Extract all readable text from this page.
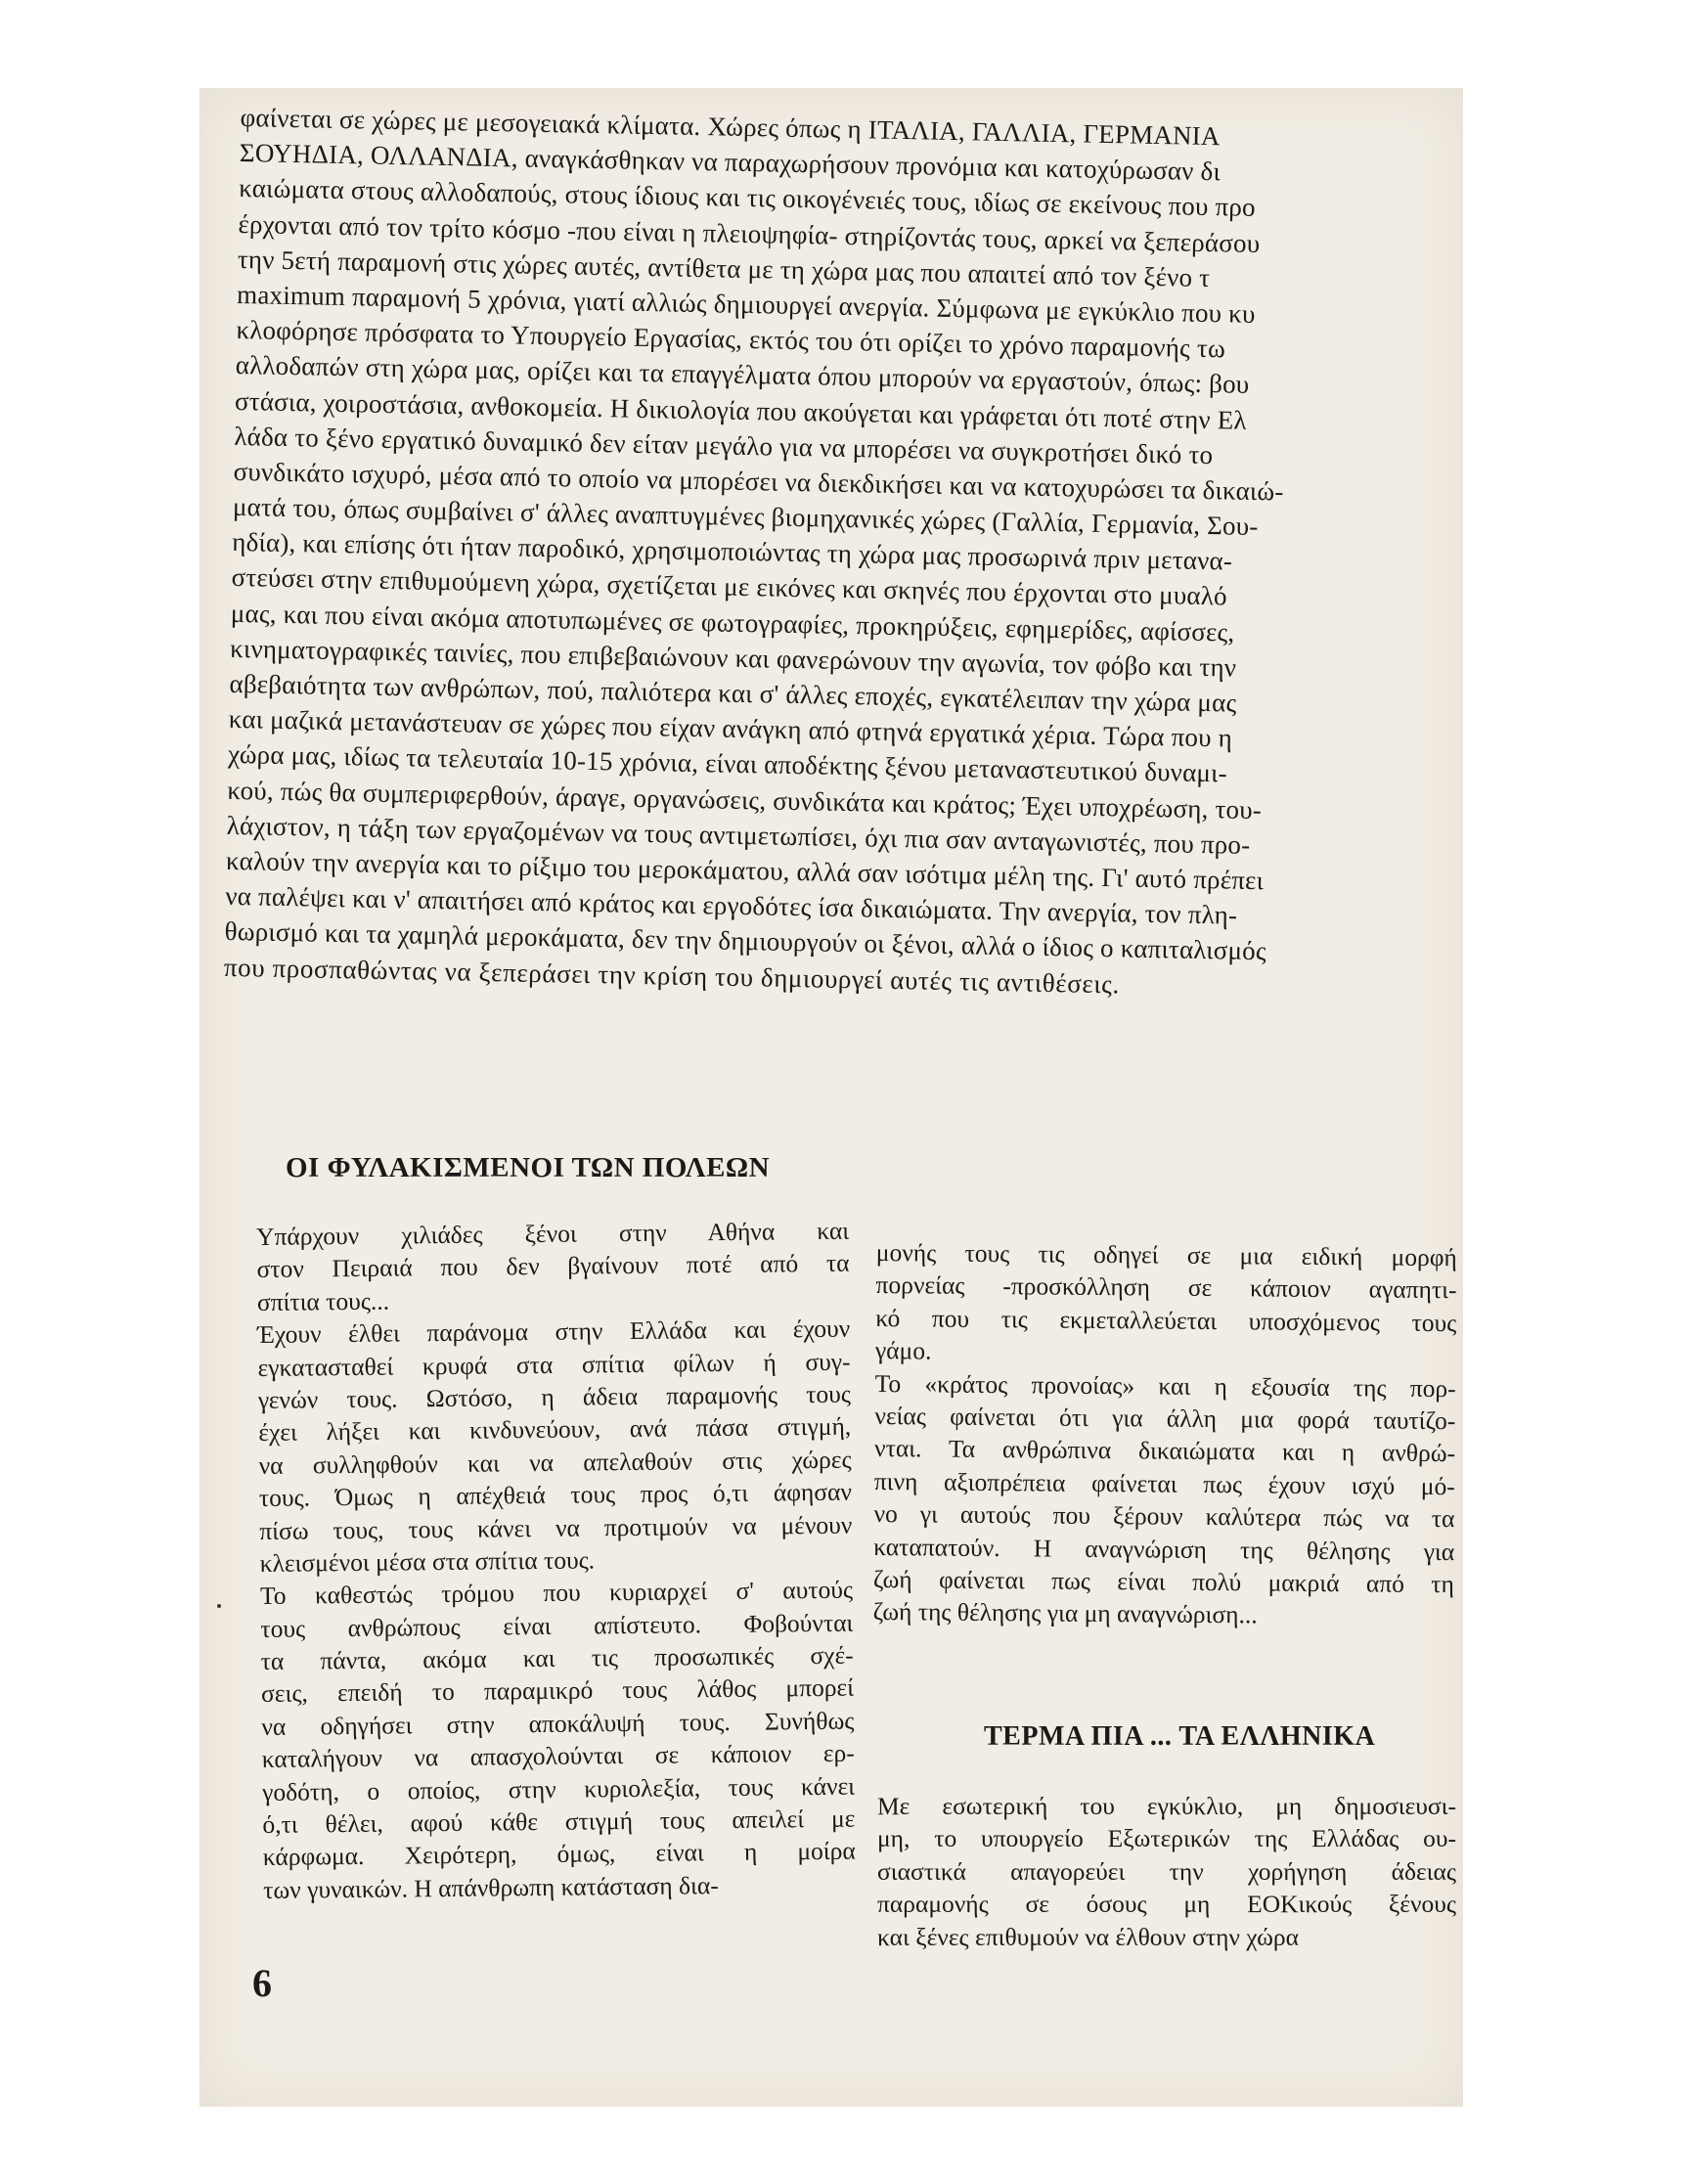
φαίνεται σε χώρες με μεσογειακά κλίματα. Χώρες όπως η ΙΤΑΛΙΑ, ΓΑΛΛΙΑ, ΓΕΡΜΑΝΙΑ
ΣΟΥΗΔΙΑ, ΟΛΛΑΝΔΙΑ, αναγκάσθηκαν να παραχωρήσουν προνόμια και κατοχύρωσαν δι
καιώματα στους αλλοδαπούς, στους ίδιους και τις οικογένειές τους, ιδίως σε εκείνους που προ
έρχονται από τον τρίτο κόσμο -που είναι η πλειοψηφία- στηρίζοντάς τους, αρκεί να ξεπεράσου
την 5ετή παραμονή στις χώρες αυτές, αντίθετα με τη χώρα μας που απαιτεί από τον ξένο τ
maximum παραμονή 5 χρόνια, γιατί αλλιώς δημιουργεί ανεργία. Σύμφωνα με εγκύκλιο που κυ
κλοφόρησε πρόσφατα το Υπουργείο Εργασίας, εκτός του ότι ορίζει το χρόνο παραμονής τω
αλλοδαπών στη χώρα μας, ορίζει και τα επαγγέλματα όπου μπορούν να εργαστούν, όπως: βου
στάσια, χοιροστάσια, ανθοκομεία. Η δικιολογία που ακούγεται και γράφεται ότι ποτέ στην Ελ
λάδα το ξένο εργατικό δυναμικό δεν είταν μεγάλο για να μπορέσει να συγκροτήσει δικό το
συνδικάτο ισχυρό, μέσα από το οποίο να μπορέσει να διεκδικήσει και να κατοχυρώσει τα δικαιώ-
ματά του, όπως συμβαίνει σ' άλλες αναπτυγμένες βιομηχανικές χώρες (Γαλλία, Γερμανία, Σου-
ηδία), και επίσης ότι ήταν παροδικό, χρησιμοποιώντας τη χώρα μας προσωρινά πριν μετανα-
στεύσει στην επιθυμούμενη χώρα, σχετίζεται με εικόνες και σκηνές που έρχονται στο μυαλό
μας, και που είναι ακόμα αποτυπωμένες σε φωτογραφίες, προκηρύξεις, εφημερίδες, αφίσσες,
κινηματογραφικές ταινίες, που επιβεβαιώνουν και φανερώνουν την αγωνία, τον φόβο και την
αβεβαιότητα των ανθρώπων, πού, παλιότερα και σ' άλλες εποχές, εγκατέλειπαν την χώρα μας
και μαζικά μετανάστευαν σε χώρες που είχαν ανάγκη από φτηνά εργατικά χέρια. Τώρα που η
χώρα μας, ιδίως τα τελευταία 10-15 χρόνια, είναι αποδέκτης ξένου μεταναστευτικού δυναμι-
κού, πώς θα συμπεριφερθούν, άραγε, οργανώσεις, συνδικάτα και κράτος; Έχει υποχρέωση, του-
λάχιστον, η τάξη των εργαζομένων να τους αντιμετωπίσει, όχι πια σαν ανταγωνιστές, που προ-
καλούν την ανεργία και το ρίξιμο του μεροκάματου, αλλά σαν ισότιμα μέλη της. Γι' αυτό πρέπει
να παλέψει και ν' απαιτήσει από κράτος και εργοδότες ίσα δικαιώματα. Την ανεργία, τον πλη-
θωρισμό και τα χαμηλά μεροκάματα, δεν την δημιουργούν οι ξένοι, αλλά ο ίδιος ο καπιταλισμός
που προσπαθώντας να ξεπεράσει την κρίση του δημιουργεί αυτές τις αντιθέσεις.
ΟΙ ΦΥΛΑΚΙΣΜΕΝΟΙ ΤΩΝ ΠΟΛΕΩΝ
Υπάρχουν χιλιάδες ξένοι στην Αθήνα και
στον Πειραιά που δεν βγαίνουν ποτέ από τα
σπίτια τους...
Έχουν έλθει παράνομα στην Ελλάδα και έχουν
εγκατασταθεί κρυφά στα σπίτια φίλων ή συγ-
γενών τους. Ωστόσο, η άδεια παραμονής τους
έχει λήξει και κινδυνεύουν, ανά πάσα στιγμή,
να συλληφθούν και να απελαθούν στις χώρες
τους. Όμως η απέχθειά τους προς ό,τι άφησαν
πίσω τους, τους κάνει να προτιμούν να μένουν
κλεισμένοι μέσα στα σπίτια τους.
Το καθεστώς τρόμου που κυριαρχεί σ' αυτούς
τους ανθρώπους είναι απίστευτο. Φοβούνται
τα πάντα, ακόμα και τις προσωπικές σχέ-
σεις, επειδή το παραμικρό τους λάθος μπορεί
να οδηγήσει στην αποκάλυψή τους. Συνήθως
καταλήγουν να απασχολούνται σε κάποιον ερ-
γοδότη, ο οποίος, στην κυριολεξία, τους κάνει
ό,τι θέλει, αφού κάθε στιγμή τους απειλεί με
κάρφωμα. Χειρότερη, όμως, είναι η μοίρα
των γυναικών. Η απάνθρωπη κατάσταση δια-
μονής τους τις οδηγεί σε μια ειδική μορφή
πορνείας -προσκόλληση σε κάποιον αγαπητι-
κό που τις εκμεταλλεύεται υποσχόμενος τους
γάμο.
Το «κράτος προνοίας» και η εξουσία της πορ-
νείας φαίνεται ότι για άλλη μια φορά ταυτίζο-
νται. Τα ανθρώπινα δικαιώματα και η ανθρώ-
πινη αξιοπρέπεια φαίνεται πως έχουν ισχύ μό-
νο γι αυτούς που ξέρουν καλύτερα πώς να τα
καταπατούν. Η αναγνώριση της θέλησης για
ζωή φαίνεται πως είναι πολύ μακριά από τη
ζωή της θέλησης για μη αναγνώριση...
ΤΕΡΜΑ ΠΙΑ ... ΤΑ ΕΛΛΗΝΙΚΑ
Με εσωτερική του εγκύκλιο, μη δημοσιευσι-
μη, το υπουργείο Εξωτερικών της Ελλάδας ου-
σιαστικά απαγορεύει την χορήγηση άδειας
παραμονής σε όσους μη ΕΟΚικούς ξένους
και ξένες επιθυμούν να έλθουν στην χώρα
6
